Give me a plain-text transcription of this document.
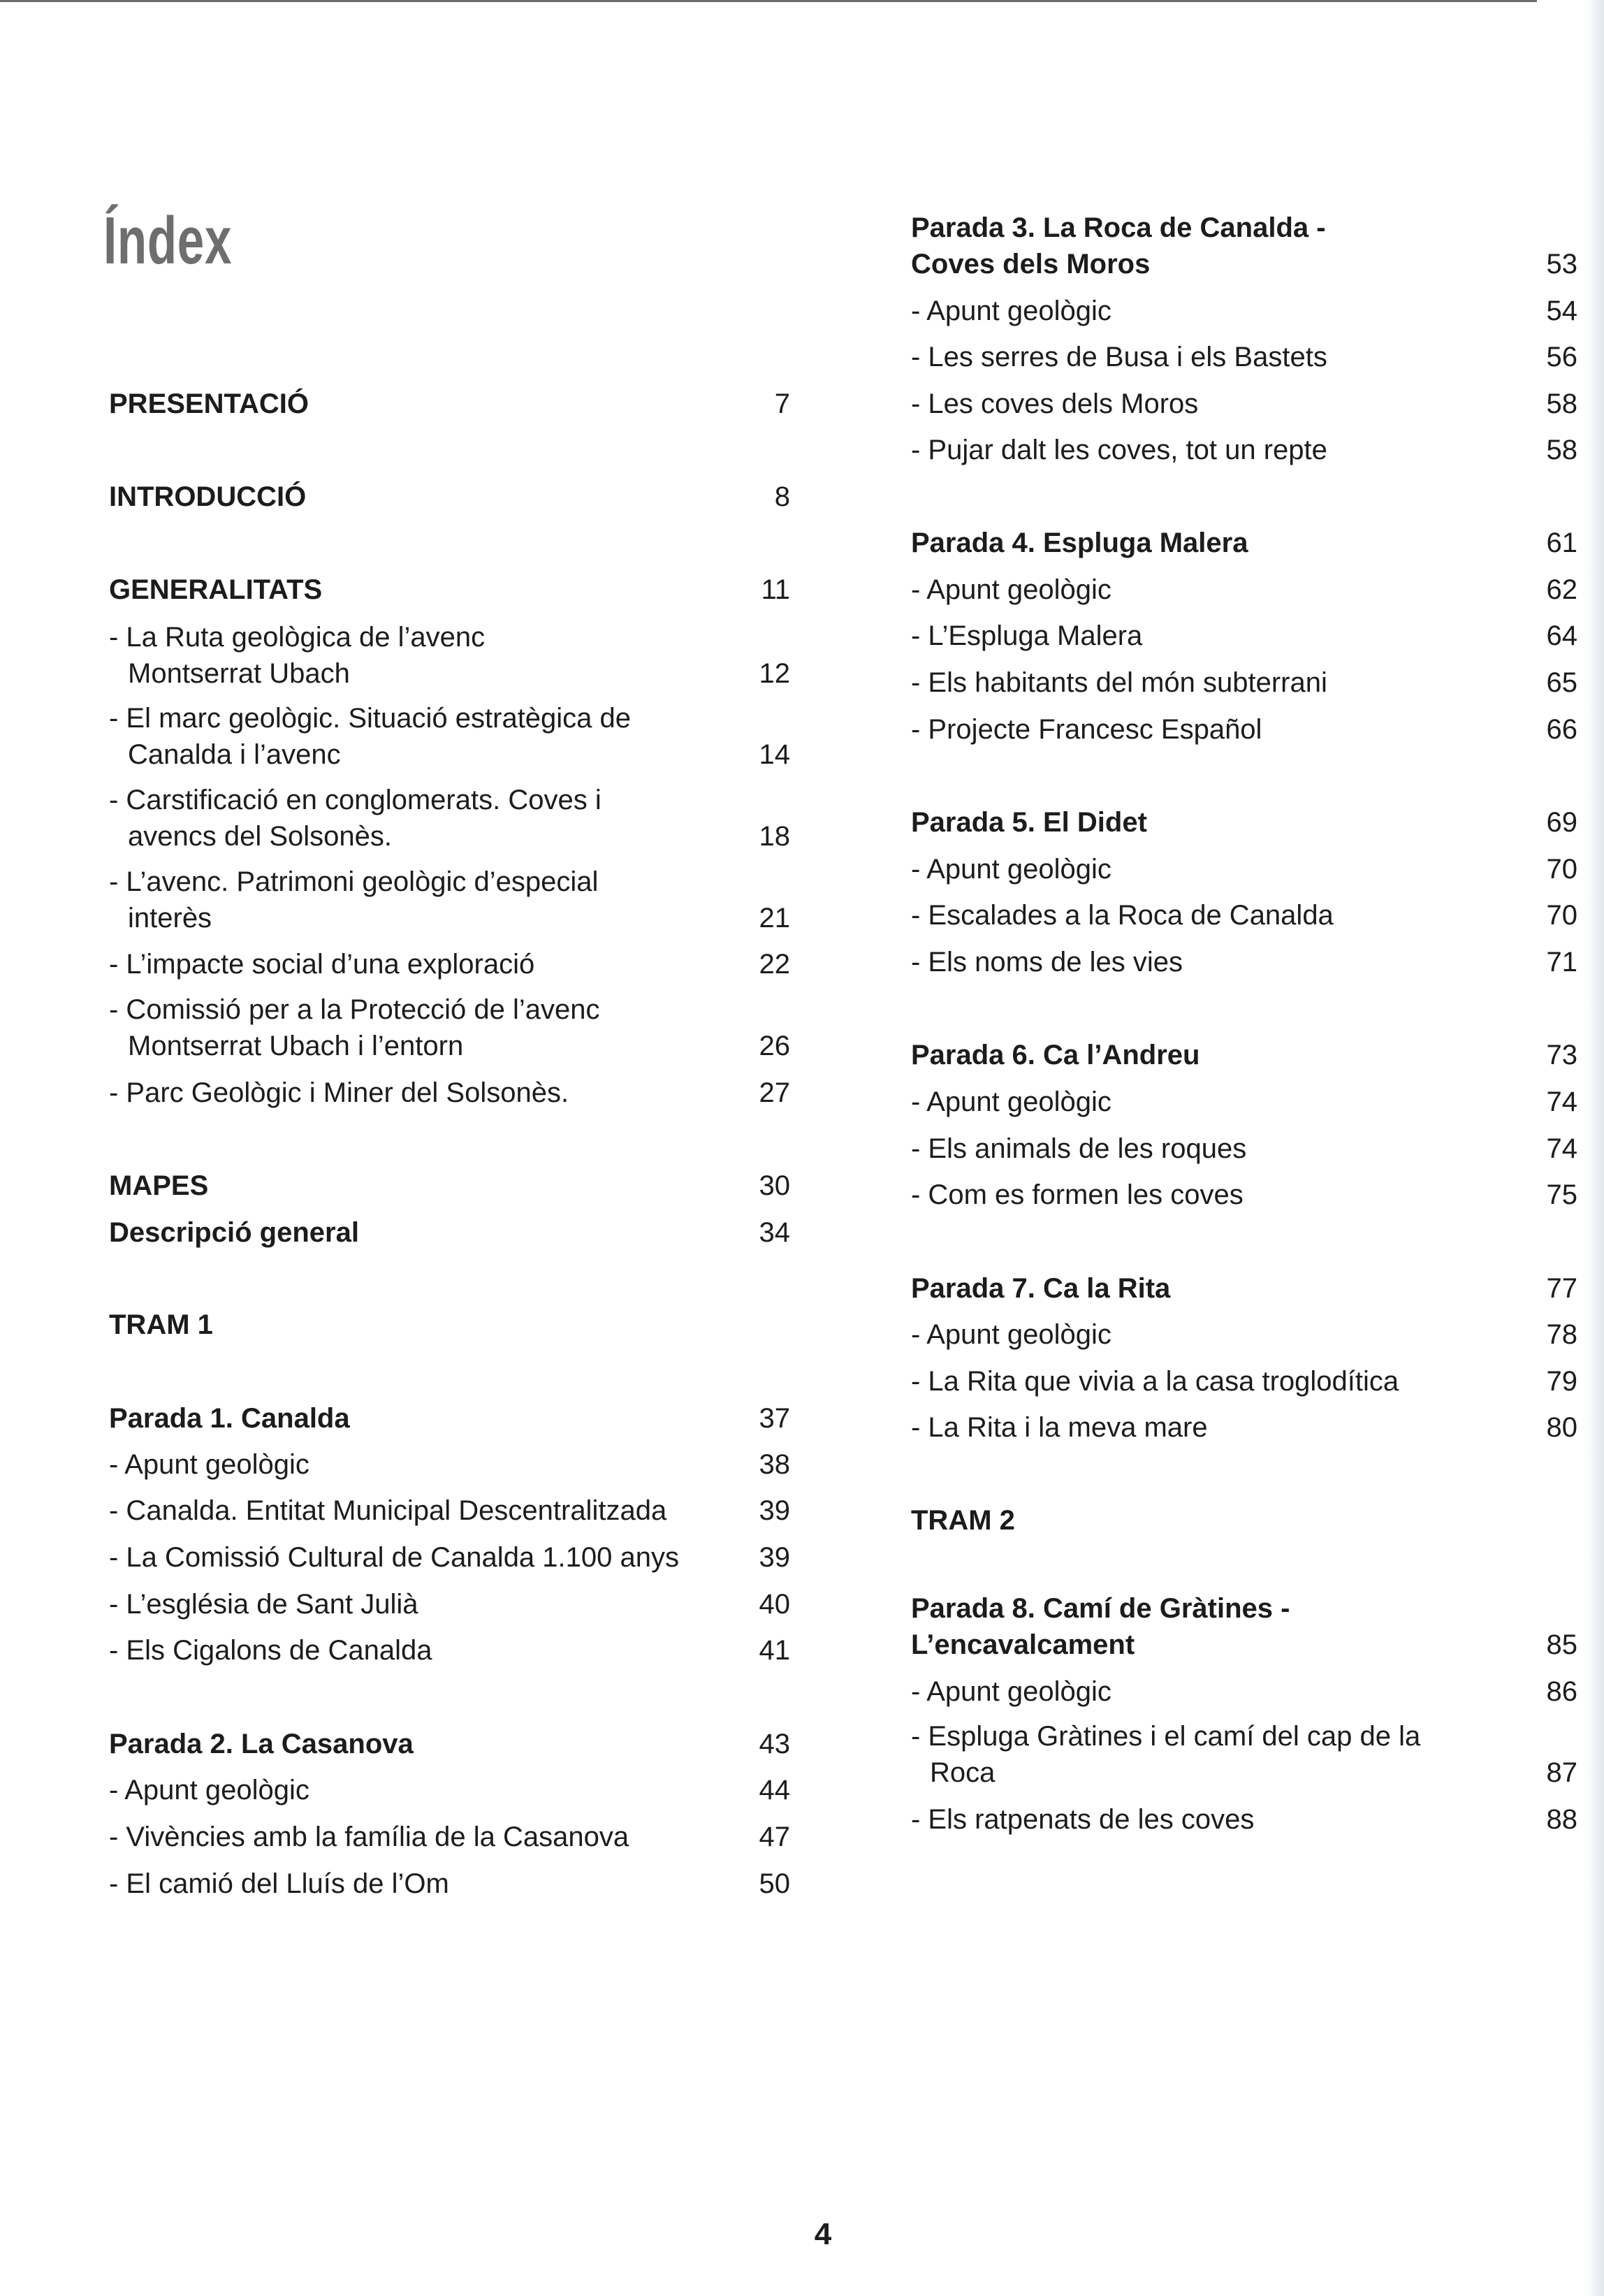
Índex
PRESENTACIÓ	7
INTRODUCCIÓ	8
GENERALITATS	11
- La Ruta geològica de l’avenc
Montserrat Ubach	12
- El marc geològic. Situació estratègica de
Canalda i l’avenc	14
- Carstificació en conglomerats. Coves i
avencs del Solsonès.	18
- L’avenc. Patrimoni geològic d’especial
interès	21
- L’impacte social d’una exploració	22
- Comissió per a la Protecció de l’avenc
Montserrat Ubach i l’entorn	26
- Parc Geològic i Miner del Solsonès.	27
MAPES	30
Descripció general	34
TRAM 1
Parada 1. Canalda	37
- Apunt geològic	38
- Canalda. Entitat Municipal Descentralitzada	39
- La Comissió Cultural de Canalda 1.100 anys	39
- L’església de Sant Julià	40
- Els Cigalons de Canalda	41
Parada 2. La Casanova	43
- Apunt geològic	44
- Vivències amb la família de la Casanova	47
- El camió del Lluís de l’Om	50
Parada 3. La Roca de Canalda -
Coves dels Moros	53
- Apunt geològic	54
- Les serres de Busa i els Bastets	56
- Les coves dels Moros	58
- Pujar dalt les coves, tot un repte	58
Parada 4. Espluga Malera	61
- Apunt geològic	62
- L’Espluga Malera	64
- Els habitants del món subterrani	65
- Projecte Francesc Español	66
Parada 5. El Didet	69
- Apunt geològic	70
- Escalades a la Roca de Canalda	70
- Els noms de les vies	71
Parada 6. Ca l’Andreu	73
- Apunt geològic	74
- Els animals de les roques	74
- Com es formen les coves	75
Parada 7. Ca la Rita	77
- Apunt geològic	78
- La Rita que vivia a la casa troglodítica	79
- La Rita i la meva mare	80
TRAM 2
Parada 8. Camí de Gràtines -
L’encavalcament	85
- Apunt geològic	86
- Espluga Gràtines i el camí del cap de la
Roca	87
- Els ratpenats de les coves	88
4
